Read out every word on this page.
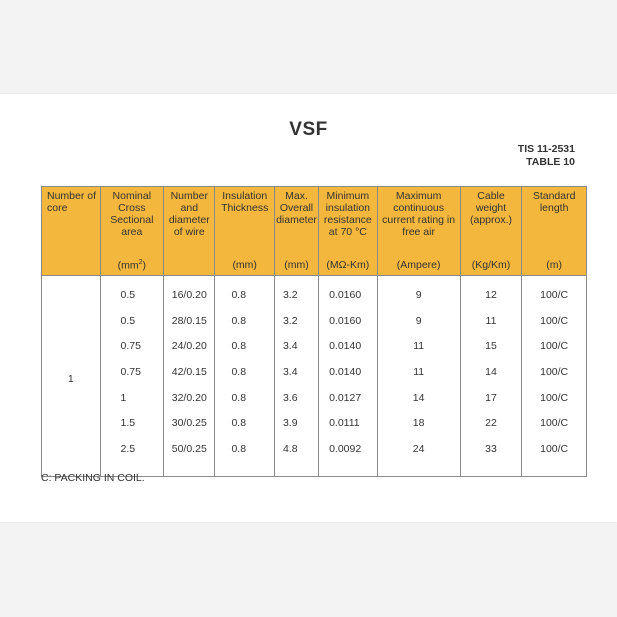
VSF
TIS 11-2531
TABLE 10
Number of core	Nominal Cross Sectional area	Number and diameter of wire	Insulation Thickness	Max. Overall diameter	Minimum insulation resistance at 70 °C	Maximum continuous current rating in free air	Cable weight (approx.)	Standard length
	$(mm^2)$		(mm)	(mm)	(MΩ-Km)	(Ampere)	(Kg/Km)	(m)
1	0.5	16/0.20	0.8	3.2	0.0160	9	12	100/C
	0.5	28/0.15	0.8	3.2	0.0160	9	11	100/C
	0.75	24/0.20	0.8	3.4	0.0140	11	15	100/C
	0.75	42/0.15	0.8	3.4	0.0140	11	14	100/C
	1	32/0.20	0.8	3.6	0.0127	14	17	100/C
	1.5	30/0.25	0.8	3.9	0.0111	18	22	100/C
	2.5	50/0.25	0.8	4.8	0.0092	24	33	100/C
C: PACKING IN COIL.
